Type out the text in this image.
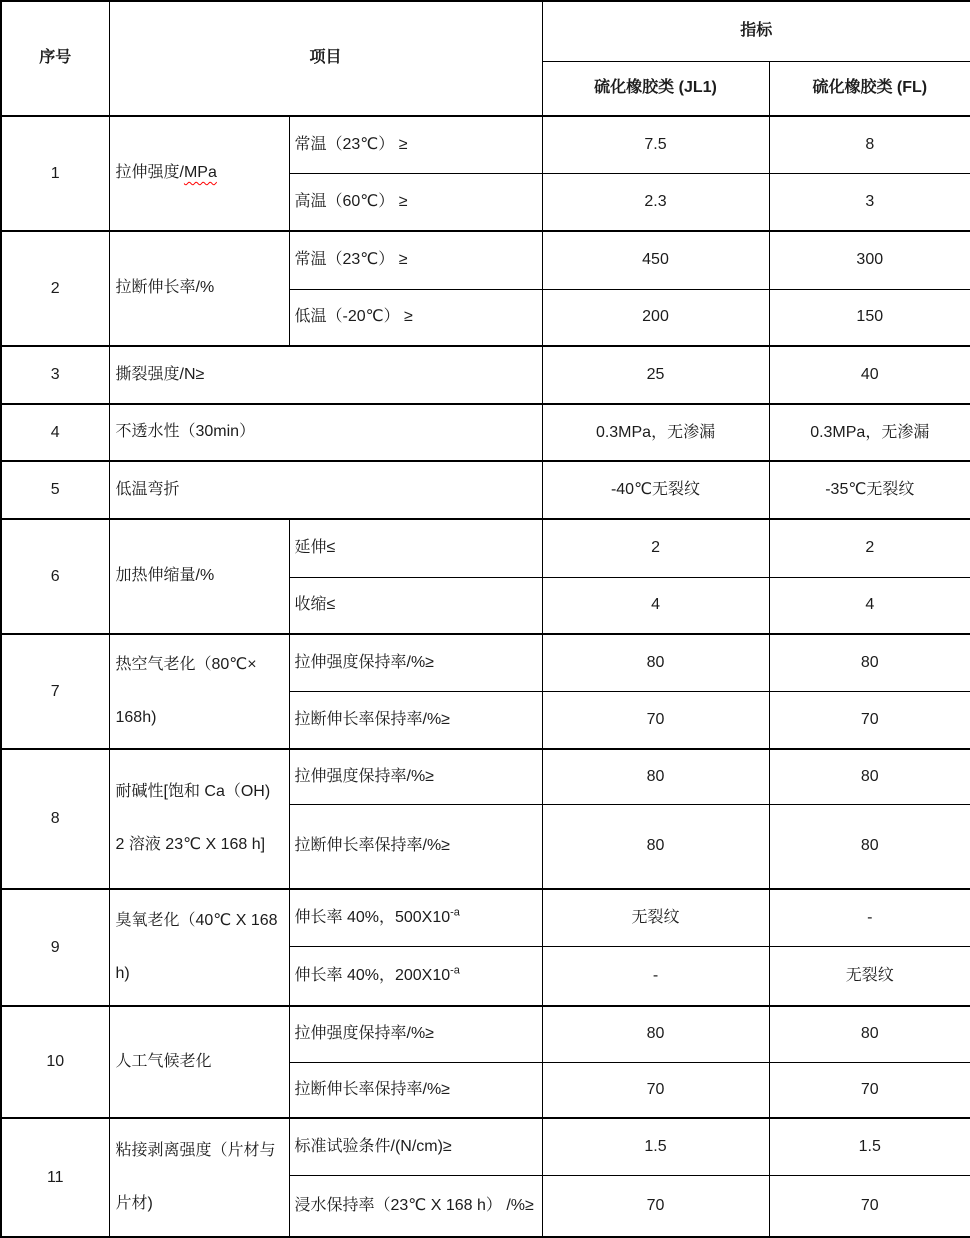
序号	项目		指标	
			硫化橡胶类 (JL1)	硫化橡胶类 (FL)
1	拉伸强度/MPa	常温（23℃） ≥	7.5	8
		高温（60℃） ≥	2.3	3
2	拉断伸长率/%	常温（23℃） ≥	450	300
		低温（-20℃） ≥	200	150
3	撕裂强度/N≥		25	40
4	不透水性（30min）		0.3MPa，无渗漏	0.3MPa，无渗漏
5	低温弯折		-40℃无裂纹	-35℃无裂纹
6	加热伸缩量/%	延伸≤	2	2
		收缩≤	4	4
7	热空气老化（80℃× 168h)	拉伸强度保持率/%≥	80	80
		拉断伸长率保持率/%≥	70	70
8	耐碱性[饱和 Ca（OH) 2 溶液 23℃ X 168 h]	拉伸强度保持率/%≥	80	80
		拉断伸长率保持率/%≥	80	80
9	臭氧老化（40℃ X 168 h)	伸长率 40%，$500X10^{-a}$	无裂纹	-
		伸长率 40%，$200X10^{-a}$	-	无裂纹
10	人工气候老化	拉伸强度保持率/%≥	80	80
		拉断伸长率保持率/%≥	70	70
11	粘接剥离强度（片材与片材)	标准试验条件/(N/cm)≥	1.5	1.5
		浸水保持率（23℃ X 168 h） /%≥	70	70
